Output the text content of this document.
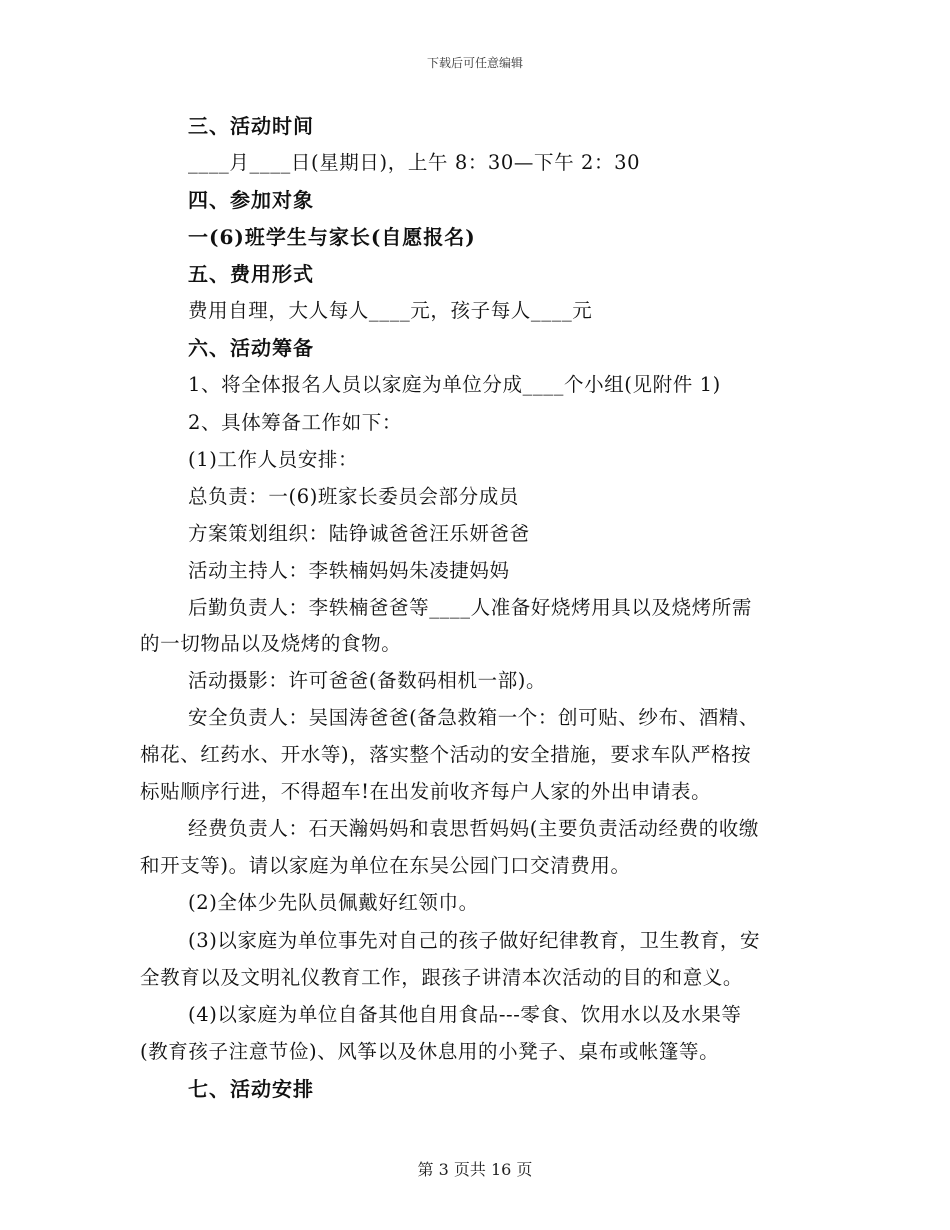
下载后可任意编辑
三、活动时间
____月____日(星期日)，上午 8：30—下午 2：30
四、参加对象
一(6)班学生与家长(自愿报名)
五、费用形式
费用自理，大人每人____元，孩子每人____元
六、活动筹备
1、将全体报名人员以家庭为单位分成____个小组(见附件 1)
2、具体筹备工作如下：
(1)工作人员安排：
总负责：一(6)班家长委员会部分成员
方案策划组织：陆铮诚爸爸汪乐妍爸爸
活动主持人：李轶楠妈妈朱凌捷妈妈
后勤负责人：李轶楠爸爸等____人准备好烧烤用具以及烧烤所需
的一切物品以及烧烤的食物。
活动摄影：许可爸爸(备数码相机一部)。
安全负责人：吴国涛爸爸(备急救箱一个：创可贴、纱布、酒精、
棉花、红药水、开水等)，落实整个活动的安全措施，要求车队严格按
标贴顺序行进，不得超车!在出发前收齐每户人家的外出申请表。
经费负责人：石天瀚妈妈和袁思哲妈妈(主要负责活动经费的收缴
和开支等)。请以家庭为单位在东吴公园门口交清费用。
(2)全体少先队员佩戴好红领巾。
(3)以家庭为单位事先对自己的孩子做好纪律教育，卫生教育，安
全教育以及文明礼仪教育工作，跟孩子讲清本次活动的目的和意义。
(4)以家庭为单位自备其他自用食品---零食、饮用水以及水果等
(教育孩子注意节俭)、风筝以及休息用的小凳子、桌布或帐篷等。
七、活动安排
第 3 页共 16 页
